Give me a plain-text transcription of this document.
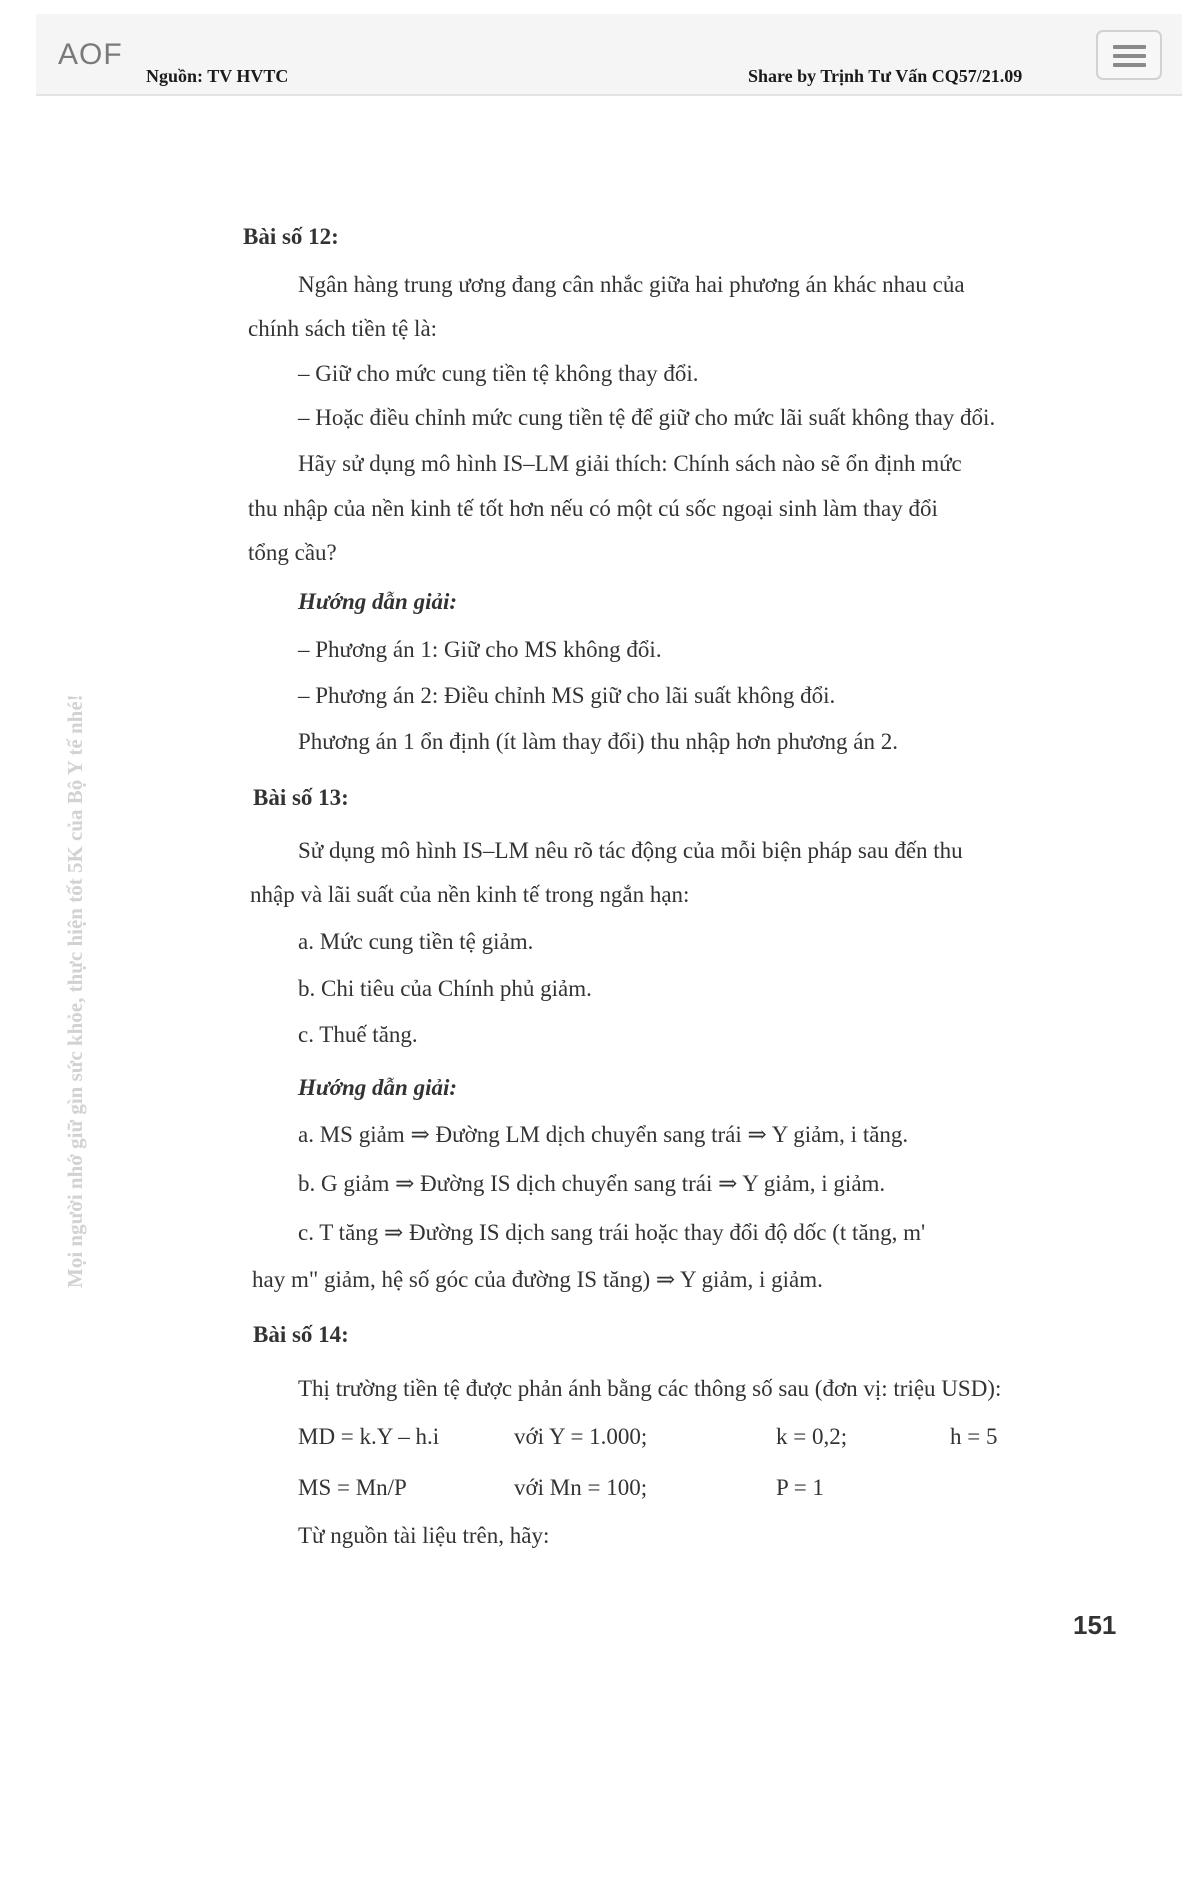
AOF
Nguồn: TV HVTC	Share by Trịnh Tư Vấn CQ57/21.09
Mọi người nhớ giữ gìn sức khỏe, thực hiện tốt 5K của Bộ Y tế nhé!
Bài số 12:
Ngân hàng trung ương đang cân nhắc giữa hai phương án khác nhau của
chính sách tiền tệ là:
– Giữ cho mức cung tiền tệ không thay đổi.
– Hoặc điều chỉnh mức cung tiền tệ để giữ cho mức lãi suất không thay đổi.
Hãy sử dụng mô hình IS–LM giải thích: Chính sách nào sẽ ổn định mức
thu nhập của nền kinh tế tốt hơn nếu có một cú sốc ngoại sinh làm thay đổi
tổng cầu?
Hướng dẫn giải:
– Phương án 1: Giữ cho MS không đổi.
– Phương án 2: Điều chỉnh MS giữ cho lãi suất không đổi.
Phương án 1 ổn định (ít làm thay đổi) thu nhập hơn phương án 2.
Bài số 13:
Sử dụng mô hình IS–LM nêu rõ tác động của mỗi biện pháp sau đến thu
nhập và lãi suất của nền kinh tế trong ngắn hạn:
a. Mức cung tiền tệ giảm.
b. Chi tiêu của Chính phủ giảm.
c. Thuế tăng.
Hướng dẫn giải:
a. MS giảm ⇒ Đường LM dịch chuyển sang trái ⇒ Y giảm, i tăng.
b. G giảm ⇒ Đường IS dịch chuyển sang trái ⇒ Y giảm, i giảm.
c. T tăng ⇒ Đường IS dịch sang trái hoặc thay đổi độ dốc (t tăng, m'
hay m" giảm, hệ số góc của đường IS tăng) ⇒ Y giảm, i giảm.
Bài số 14:
Thị trường tiền tệ được phản ánh bằng các thông số sau (đơn vị: triệu USD):
MD = k.Y – h.i	với Y = 1.000;	k = 0,2;	h = 5
MS = Mn/P	với Mn = 100;	P = 1
Từ nguồn tài liệu trên, hãy:
151
